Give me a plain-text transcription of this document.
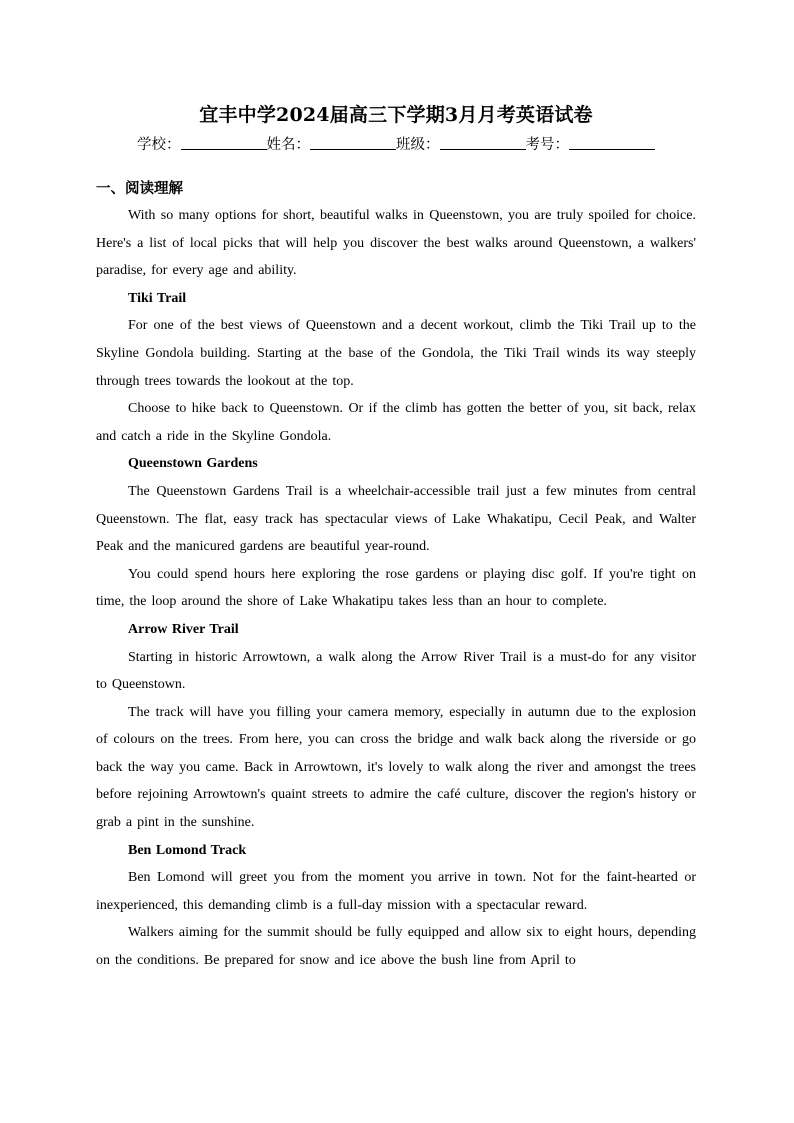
宜丰中学2024届高三下学期3月月考英语试卷
学校：	姓名：	班级：	考号：
一、阅读理解

With so many options for short, beautiful walks in Queenstown, you are truly spoiled for choice. Here's a list of local picks that will help you discover the best walks around Queenstown, a walkers' paradise, for every age and ability.

Tiki Trail

For one of the best views of Queenstown and a decent workout, climb the Tiki Trail up to the Skyline Gondola building. Starting at the base of the Gondola, the Tiki Trail winds its way steeply through trees towards the lookout at the top.

Choose to hike back to Queenstown. Or if the climb has gotten the better of you, sit back, relax and catch a ride in the Skyline Gondola.

Queenstown Gardens

The Queenstown Gardens Trail is a wheelchair-accessible trail just a few minutes from central Queenstown. The flat, easy track has spectacular views of Lake Whakatipu, Cecil Peak, and Walter Peak and the manicured gardens are beautiful year-round.

You could spend hours here exploring the rose gardens or playing disc golf. If you're tight on time, the loop around the shore of Lake Whakatipu takes less than an hour to complete.

Arrow River Trail

Starting in historic Arrowtown, a walk along the Arrow River Trail is a must-do for any visitor to Queenstown.

The track will have you filling your camera memory, especially in autumn due to the explosion of colours on the trees. From here, you can cross the bridge and walk back along the riverside or go back the way you came. Back in Arrowtown, it's lovely to walk along the river and amongst the trees before rejoining Arrowtown's quaint streets to admire the café culture, discover the region's history or grab a pint in the sunshine.

Ben Lomond Track

Ben Lomond will greet you from the moment you arrive in town. Not for the faint-hearted or inexperienced, this demanding climb is a full-day mission with a spectacular reward.

Walkers aiming for the summit should be fully equipped and allow six to eight hours, depending on the conditions. Be prepared for snow and ice above the bush line from April to
